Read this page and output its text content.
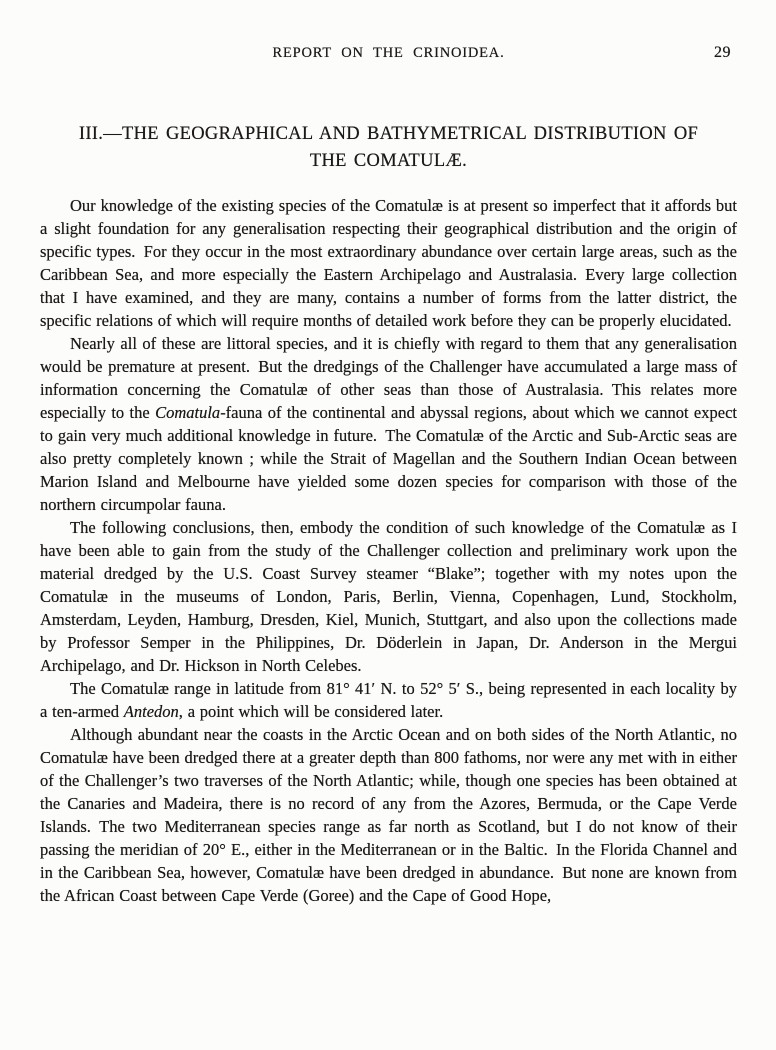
REPORT ON THE CRINOIDEA.	29
III.—THE GEOGRAPHICAL AND BATHYMETRICAL DISTRIBUTION OF
THE COMATULÆ.

Our knowledge of the existing species of the Comatulæ is at present so imperfect that it affords but a slight foundation for any generalisation respecting their geographical distribution and the origin of specific types. For they occur in the most extraordinary abundance over certain large areas, such as the Caribbean Sea, and more especially the Eastern Archipelago and Australasia. Every large collection that I have examined, and they are many, contains a number of forms from the latter district, the specific relations of which will require months of detailed work before they can be properly elucidated.

Nearly all of these are littoral species, and it is chiefly with regard to them that any generalisation would be premature at present. But the dredgings of the Challenger have accumulated a large mass of information concerning the Comatulæ of other seas than those of Australasia. This relates more especially to the Comatula-fauna of the continental and abyssal regions, about which we cannot expect to gain very much additional knowledge in future. The Comatulæ of the Arctic and Sub-Arctic seas are also pretty completely known ; while the Strait of Magellan and the Southern Indian Ocean between Marion Island and Melbourne have yielded some dozen species for comparison with those of the northern circumpolar fauna.

The following conclusions, then, embody the condition of such knowledge of the Comatulæ as I have been able to gain from the study of the Challenger collection and preliminary work upon the material dredged by the U.S. Coast Survey steamer “Blake”; together with my notes upon the Comatulæ in the museums of London, Paris, Berlin, Vienna, Copenhagen, Lund, Stockholm, Amsterdam, Leyden, Hamburg, Dresden, Kiel, Munich, Stuttgart, and also upon the collections made by Professor Semper in the Philippines, Dr. Döderlein in Japan, Dr. Anderson in the Mergui Archipelago, and Dr. Hickson in North Celebes.

The Comatulæ range in latitude from 81° 41′ N. to 52° 5′ S., being represented in each locality by a ten-armed Antedon, a point which will be considered later.

Although abundant near the coasts in the Arctic Ocean and on both sides of the North Atlantic, no Comatulæ have been dredged there at a greater depth than 800 fathoms, nor were any met with in either of the Challenger’s two traverses of the North Atlantic; while, though one species has been obtained at the Canaries and Madeira, there is no record of any from the Azores, Bermuda, or the Cape Verde Islands. The two Mediterranean species range as far north as Scotland, but I do not know of their passing the meridian of 20° E., either in the Mediterranean or in the Baltic. In the Florida Channel and in the Caribbean Sea, however, Comatulæ have been dredged in abundance. But none are known from the African Coast between Cape Verde (Goree) and the Cape of Good Hope,
